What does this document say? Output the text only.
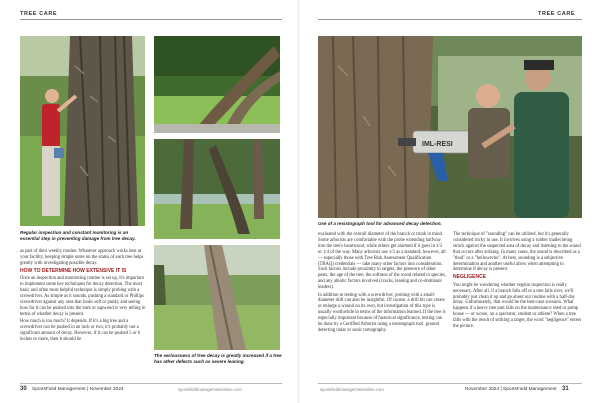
TREE CARE
Regular inspection and constant monitoring is an essential step in preventing damage from tree decay.
The seriousness of tree decay is greatly increased if a tree has other defects such as severe leaning.

as part of their weekly routine. Whatever approach works best at your facility, keeping simple notes on the status of each tree helps greatly with investigating possible decay.

HOW TO DETERMINE HOW EXTENSIVE IT IS

Once an inspection and monitoring routine is set up, it's important to implement some key techniques for decay detection. The most basic and often most helpful technique is simply probing with a screwdriver. As simple as it sounds, pushing a standard or Phillips screwdriver against any area that looks soft or punky and seeing how far it can be pushed into the bark or sapwood is very telling in terms of whether decay is present.

How much is too much? It depends. If it's a big tree and a screwdriver can be pushed in an inch or two, it's probably not a significant amount of decay. However, if it can be pushed 5 or 6 inches or more, then it should be

30 SportsField Management | November 2024	sportsfieldmanagementonline.com
TREE CARE
IML-RESI
Use of a resistograph tool for advanced decay detection.

evaluated with the overall diameter of the branch or trunk in mind. Some arborists are comfortable with the probe extending halfway into the tree's heartwood, while others get alarmed if it goes in 1/3 or 1/4 of the way. Many arborists use 1/3 as a standard; however, all — especially those with Tree Risk Assessment Qualification (TRAQ) credentials — take many other factors into consideration. Such factors include proximity to targets, the presence of other pests, the age of the tree, the softness of the wood related to species, and any abiotic factors involved (cracks, leaning and co-dominant leaders).

In addition to testing with a screwdriver, probing with a small-diameter drill can also be insightful. Of course, a drill bit can create or enlarge a wound on its own, but investigation of this type is usually worthwhile in terms of the information learned. If the tree is especially important because of historical significance, testing can be done by a Certified Arborist using a resistograph tool, ground detecting radar or sonic tomography.

The technique of "sounding" can be utilized, but it's generally considered tricky to use. It involves using a rubber mallet being struck against the suspected area of decay and listening to the sound that occurs after striking. In many cases, the sound is described as a "thud" or a "hollowecho". At best, sounding is a subjective determination and another useful allow when attempting to determine if decay is present.

NEGLIGENCE

You might be wondering whether regular inspection is really necessary. After all, if a branch falls off or a tree falls over, we'll probably just clean it up and go about our routine with a half-day delay. Unfortunately, that would be the best-case scenario. What happens if a heavy tree part falls on the maintenance shed or pump house — or worse, on a spectator, student or athlete? When a tree falls with the result of striking a target, the word "negligence" enters the picture.

sportsfieldmanagementonline.com	November 2024 | SportsField Management 31
